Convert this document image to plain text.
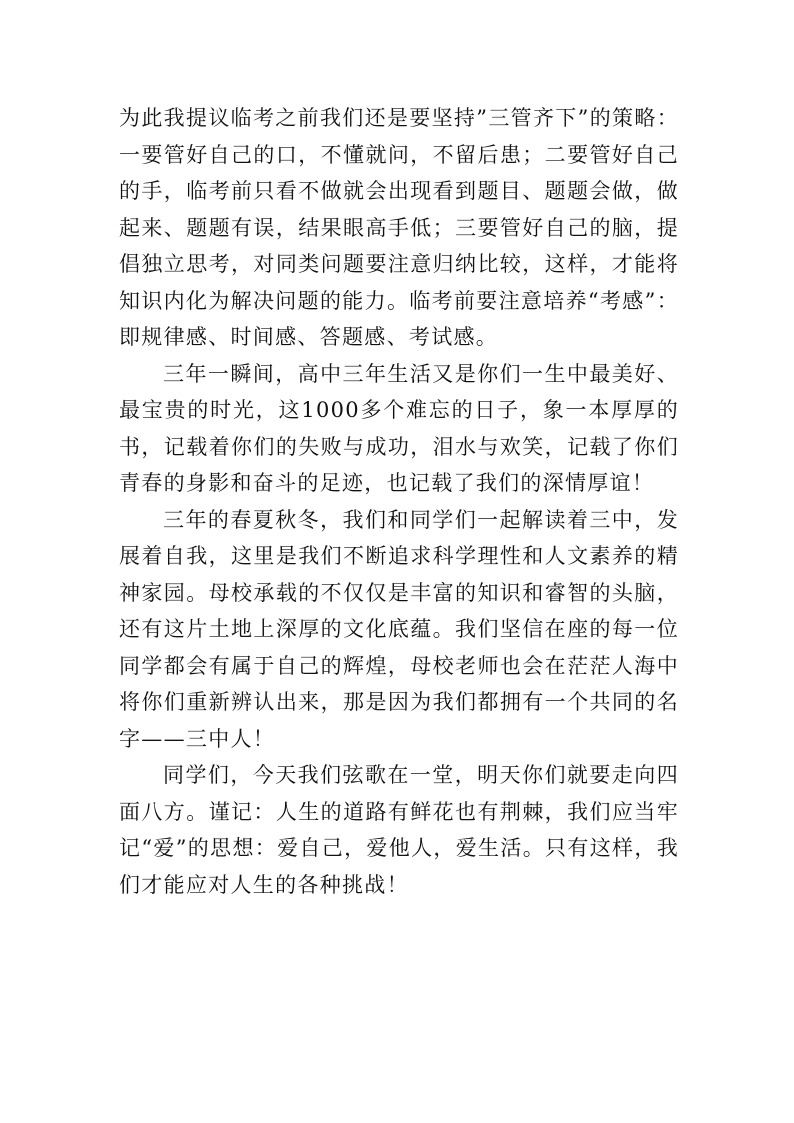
为此我提议临考之前我们还是要坚持”三管齐下”的策略：一要管好自己的口，不懂就问，不留后患；二要管好自己的手，临考前只看不做就会出现看到题目、题题会做，做起来、题题有误，结果眼高手低；三要管好自己的脑，提倡独立思考，对同类问题要注意归纳比较，这样，才能将知识内化为解决问题的能力。临考前要注意培养“考感”：即规律感、时间感、答题感、考试感。

三年一瞬间，高中三年生活又是你们一生中最美好、最宝贵的时光，这1000多个难忘的日子，象一本厚厚的书，记载着你们的失败与成功，泪水与欢笑，记载了你们青春的身影和奋斗的足迹，也记载了我们的深情厚谊！

三年的春夏秋冬，我们和同学们一起解读着三中，发展着自我，这里是我们不断追求科学理性和人文素养的精神家园。母校承载的不仅仅是丰富的知识和睿智的头脑，还有这片土地上深厚的文化底蕴。我们坚信在座的每一位同学都会有属于自己的辉煌，母校老师也会在茫茫人海中将你们重新辨认出来，那是因为我们都拥有一个共同的名字——三中人！

同学们，今天我们弦歌在一堂，明天你们就要走向四面八方。谨记：人生的道路有鲜花也有荆棘，我们应当牢记“爱”的思想：爱自己，爱他人，爱生活。只有这样，我们才能应对人生的各种挑战！
